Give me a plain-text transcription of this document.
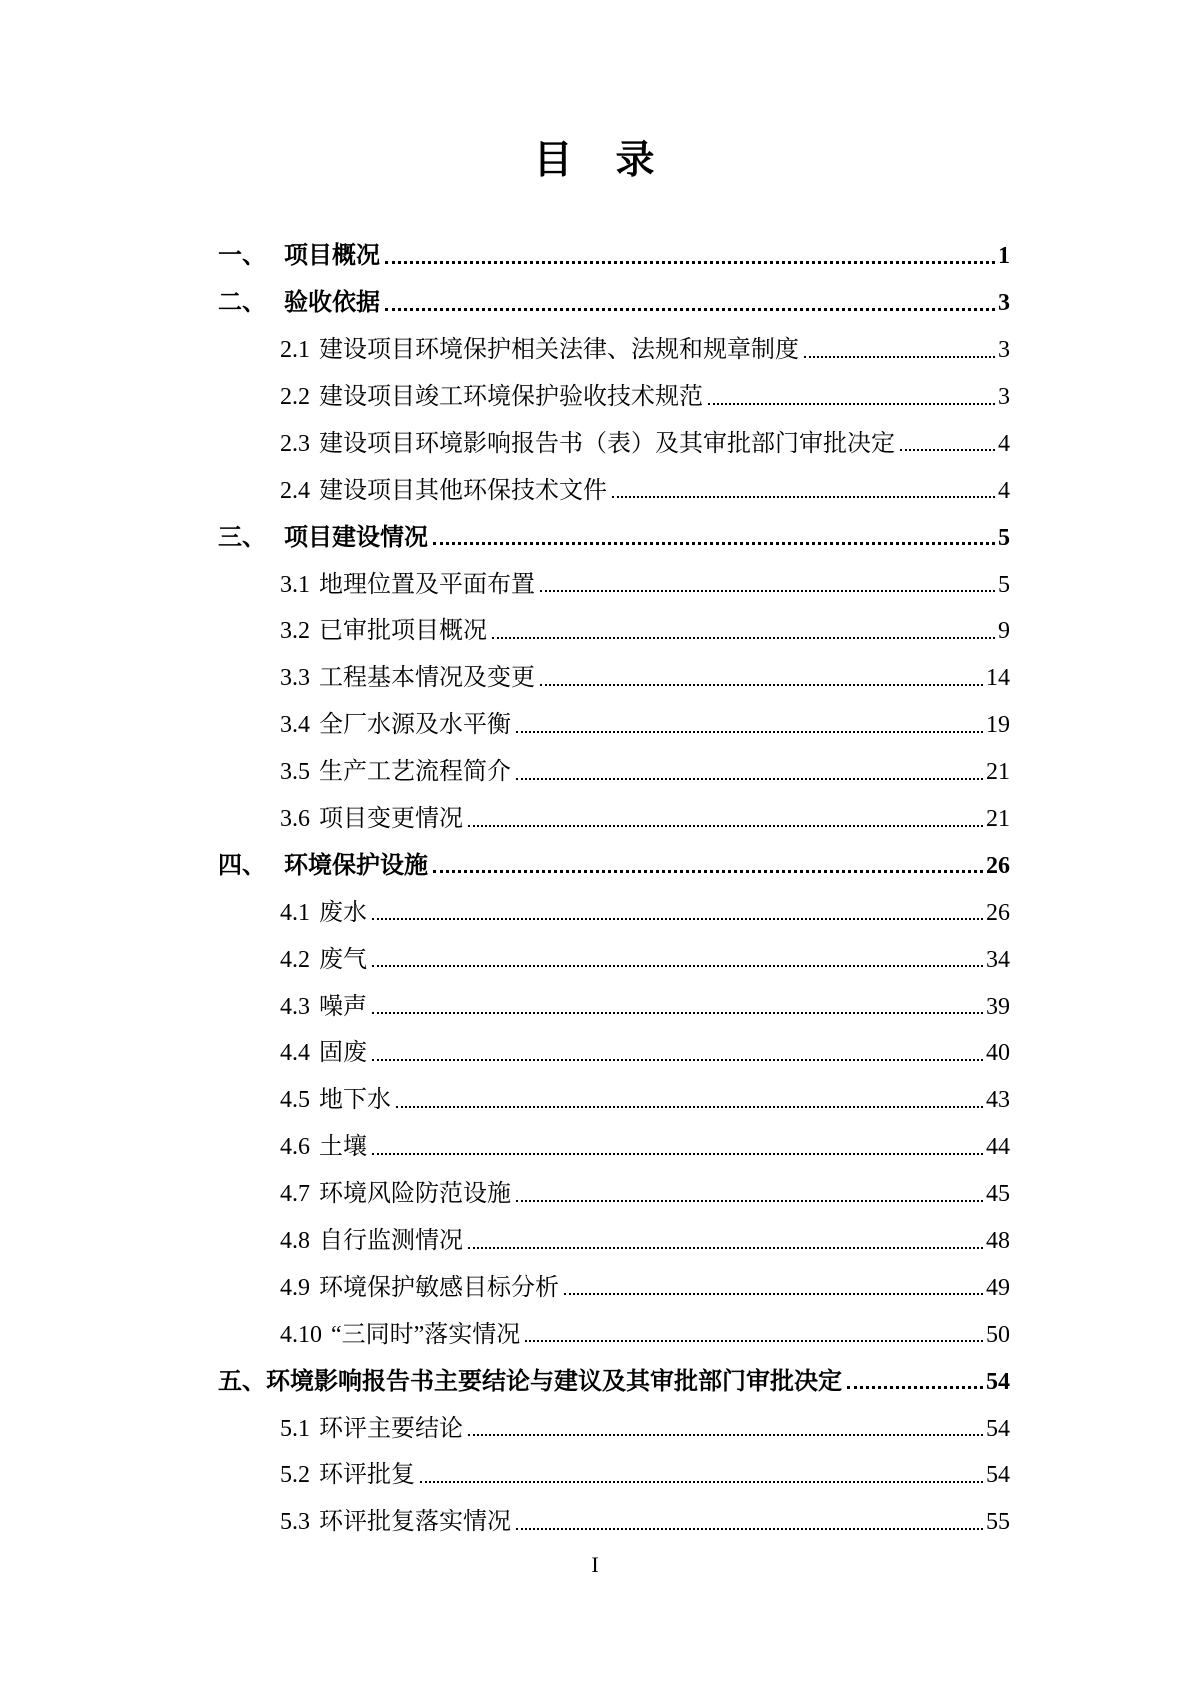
目　录
一、 项目概况	1
二、 验收依据	3
2.1 建设项目环境保护相关法律、法规和规章制度	3
2.2 建设项目竣工环境保护验收技术规范	3
2.3 建设项目环境影响报告书（表）及其审批部门审批决定	4
2.4 建设项目其他环保技术文件	4
三、 项目建设情况	5
3.1 地理位置及平面布置	5
3.2 已审批项目概况	9
3.3 工程基本情况及变更	14
3.4 全厂水源及水平衡	19
3.5 生产工艺流程简介	21
3.6 项目变更情况	21
四、 环境保护设施	26
4.1 废水	26
4.2 废气	34
4.3 噪声	39
4.4 固废	40
4.5 地下水	43
4.6 土壤	44
4.7 环境风险防范设施	45
4.8 自行监测情况	48
4.9 环境保护敏感目标分析	49
4.10 “三同时”落实情况	50
五、 环境影响报告书主要结论与建议及其审批部门审批决定	54
5.1 环评主要结论	54
5.2 环评批复	54
5.3 环评批复落实情况	55
I
